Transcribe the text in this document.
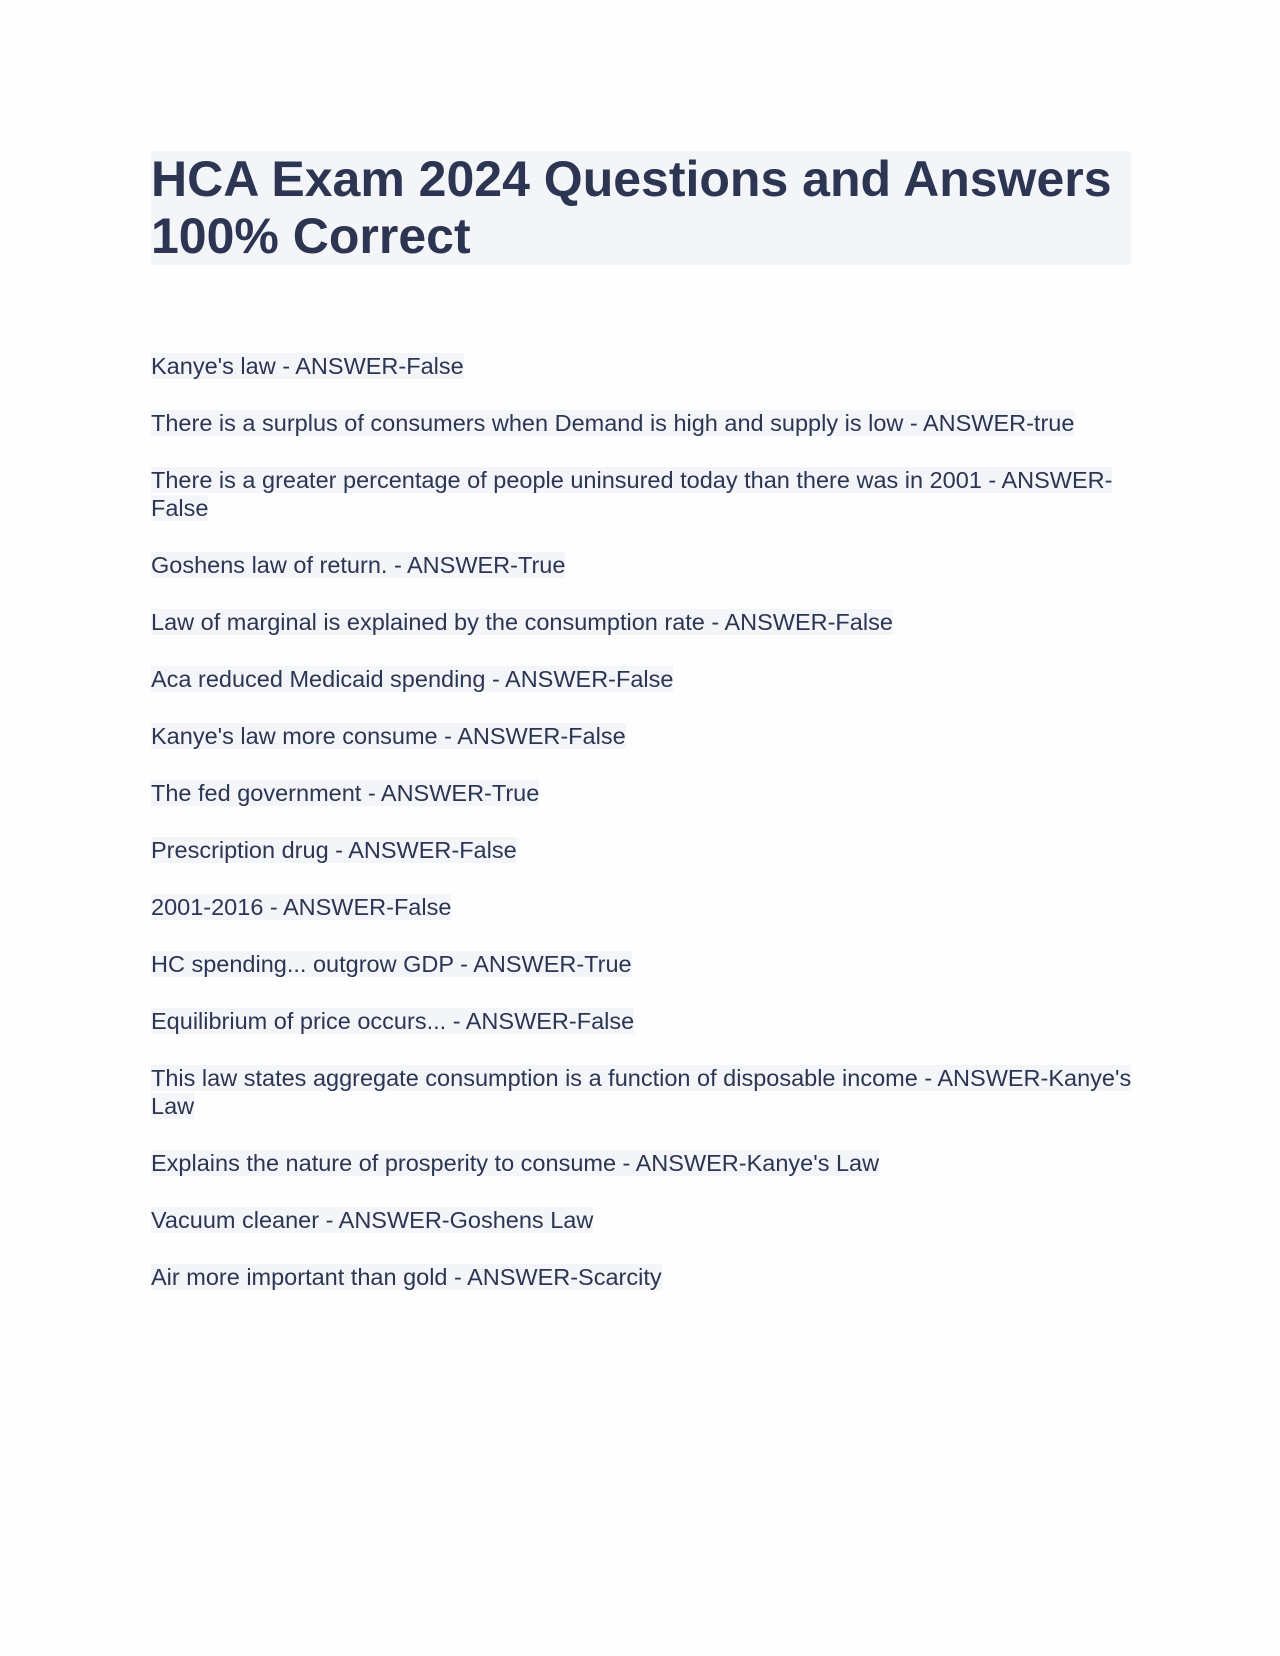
HCA Exam 2024 Questions and Answers 100% Correct
Kanye's law - ANSWER-False
There is a surplus of consumers when Demand is high and supply is low - ANSWER-true
There is a greater percentage of people uninsured today than there was in 2001 - ANSWER-False
Goshens law of return. - ANSWER-True
Law of marginal is explained by the consumption rate - ANSWER-False
Aca reduced Medicaid spending - ANSWER-False
Kanye's law more consume - ANSWER-False
The fed government - ANSWER-True
Prescription drug - ANSWER-False
2001-2016 - ANSWER-False
HC spending... outgrow GDP - ANSWER-True
Equilibrium of price occurs... - ANSWER-False
This law states aggregate consumption is a function of disposable income - ANSWER-Kanye's Law
Explains the nature of prosperity to consume - ANSWER-Kanye's Law
Vacuum cleaner - ANSWER-Goshens Law
Air more important than gold - ANSWER-Scarcity
